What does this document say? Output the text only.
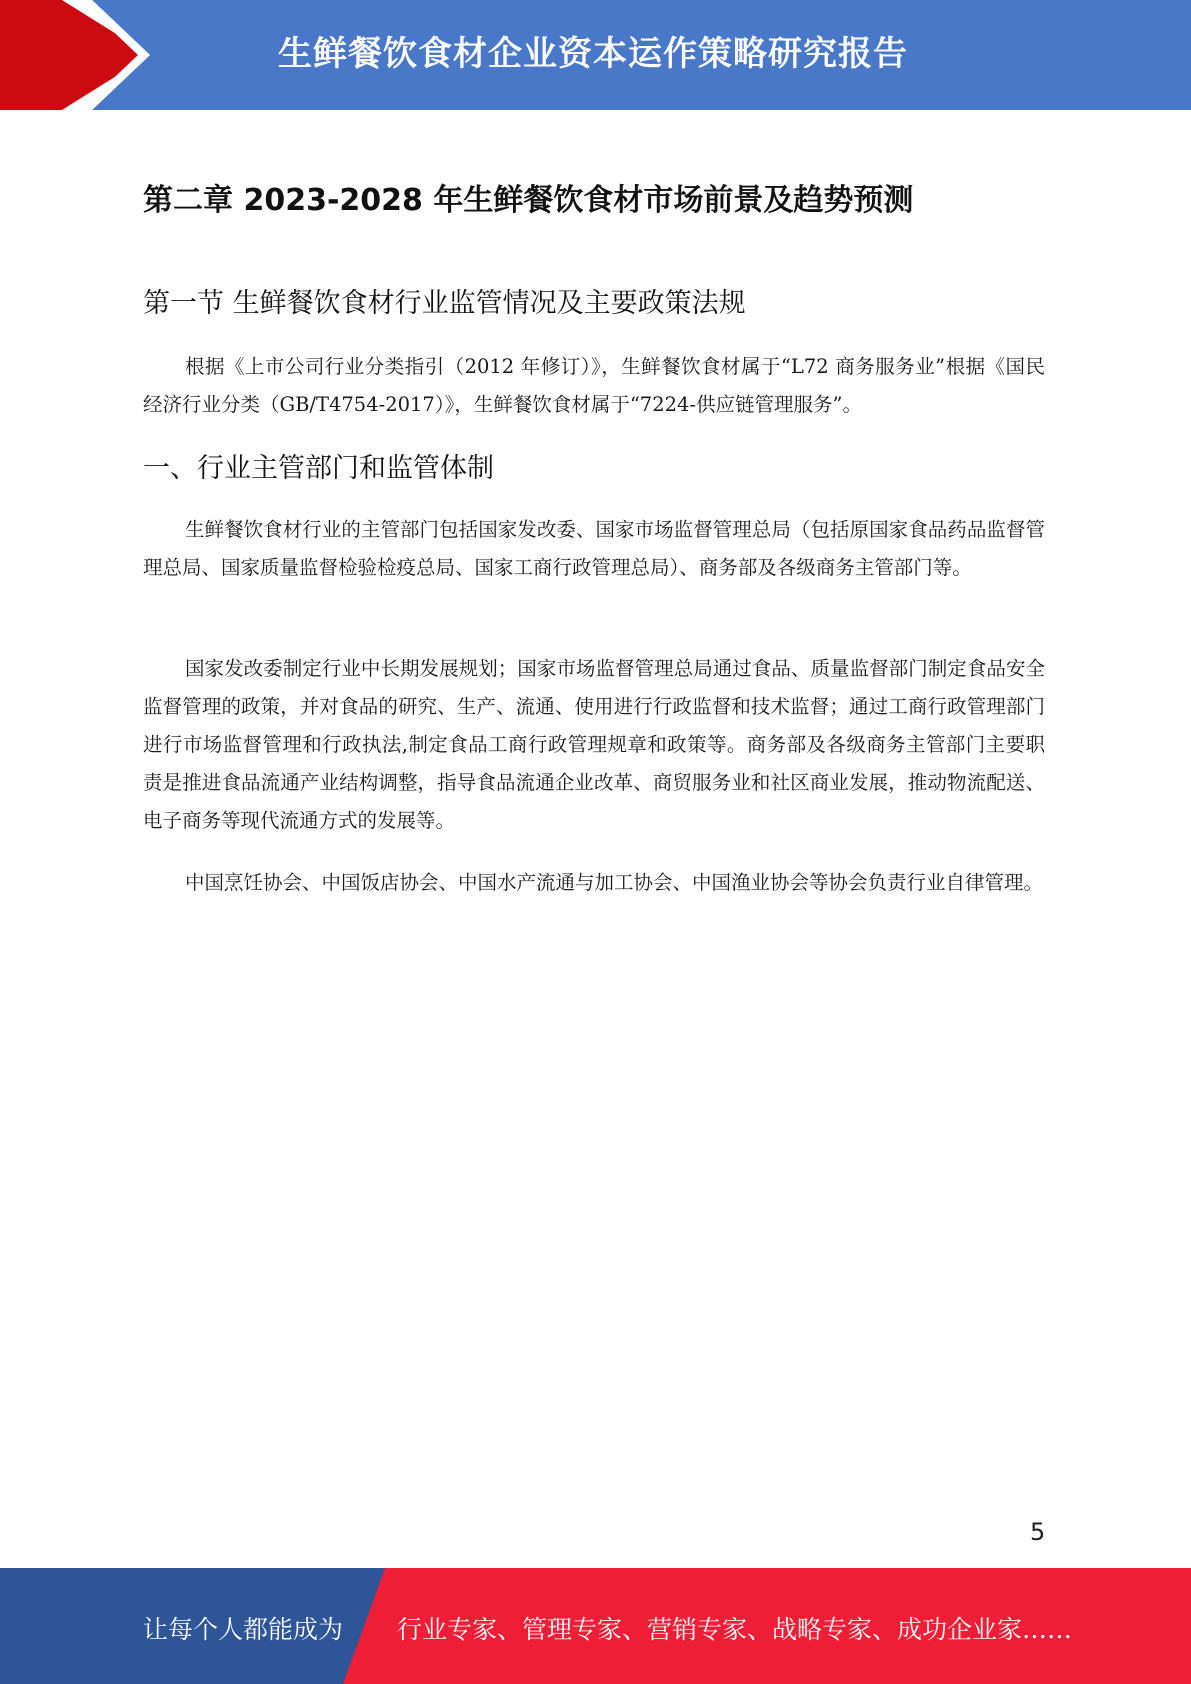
生鲜餐饮食材企业资本运作策略研究报告
第二章 2023-2028 年生鲜餐饮食材市场前景及趋势预测
第一节 生鲜餐饮食材行业监管情况及主要政策法规

根据《上市公司行业分类指引（2012 年修订）》，生鲜餐饮食材属于“L72 商务服务业”根据《国民经济行业分类（GB/T4754-2017）》，生鲜餐饮食材属于“7224-供应链管理服务”。

一、行业主管部门和监管体制

生鲜餐饮食材行业的主管部门包括国家发改委、国家市场监督管理总局（包括原国家食品药品监督管理总局、国家质量监督检验检疫总局、国家工商行政管理总局）、商务部及各级商务主管部门等。

国家发改委制定行业中长期发展规划；国家市场监督管理总局通过食品、质量监督部门制定食品安全监督管理的政策，并对食品的研究、生产、流通、使用进行行政监督和技术监督；通过工商行政管理部门进行市场监督管理和行政执法,制定食品工商行政管理规章和政策等。商务部及各级商务主管部门主要职责是推进食品流通产业结构调整，指导食品流通企业改革、商贸服务业和社区商业发展，推动物流配送、电子商务等现代流通方式的发展等。

中国烹饪协会、中国饭店协会、中国水产流通与加工协会、中国渔业协会等协会负责行业自律管理。

5
让每个人都能成为 行业专家、管理专家、营销专家、战略专家、成功企业家……
